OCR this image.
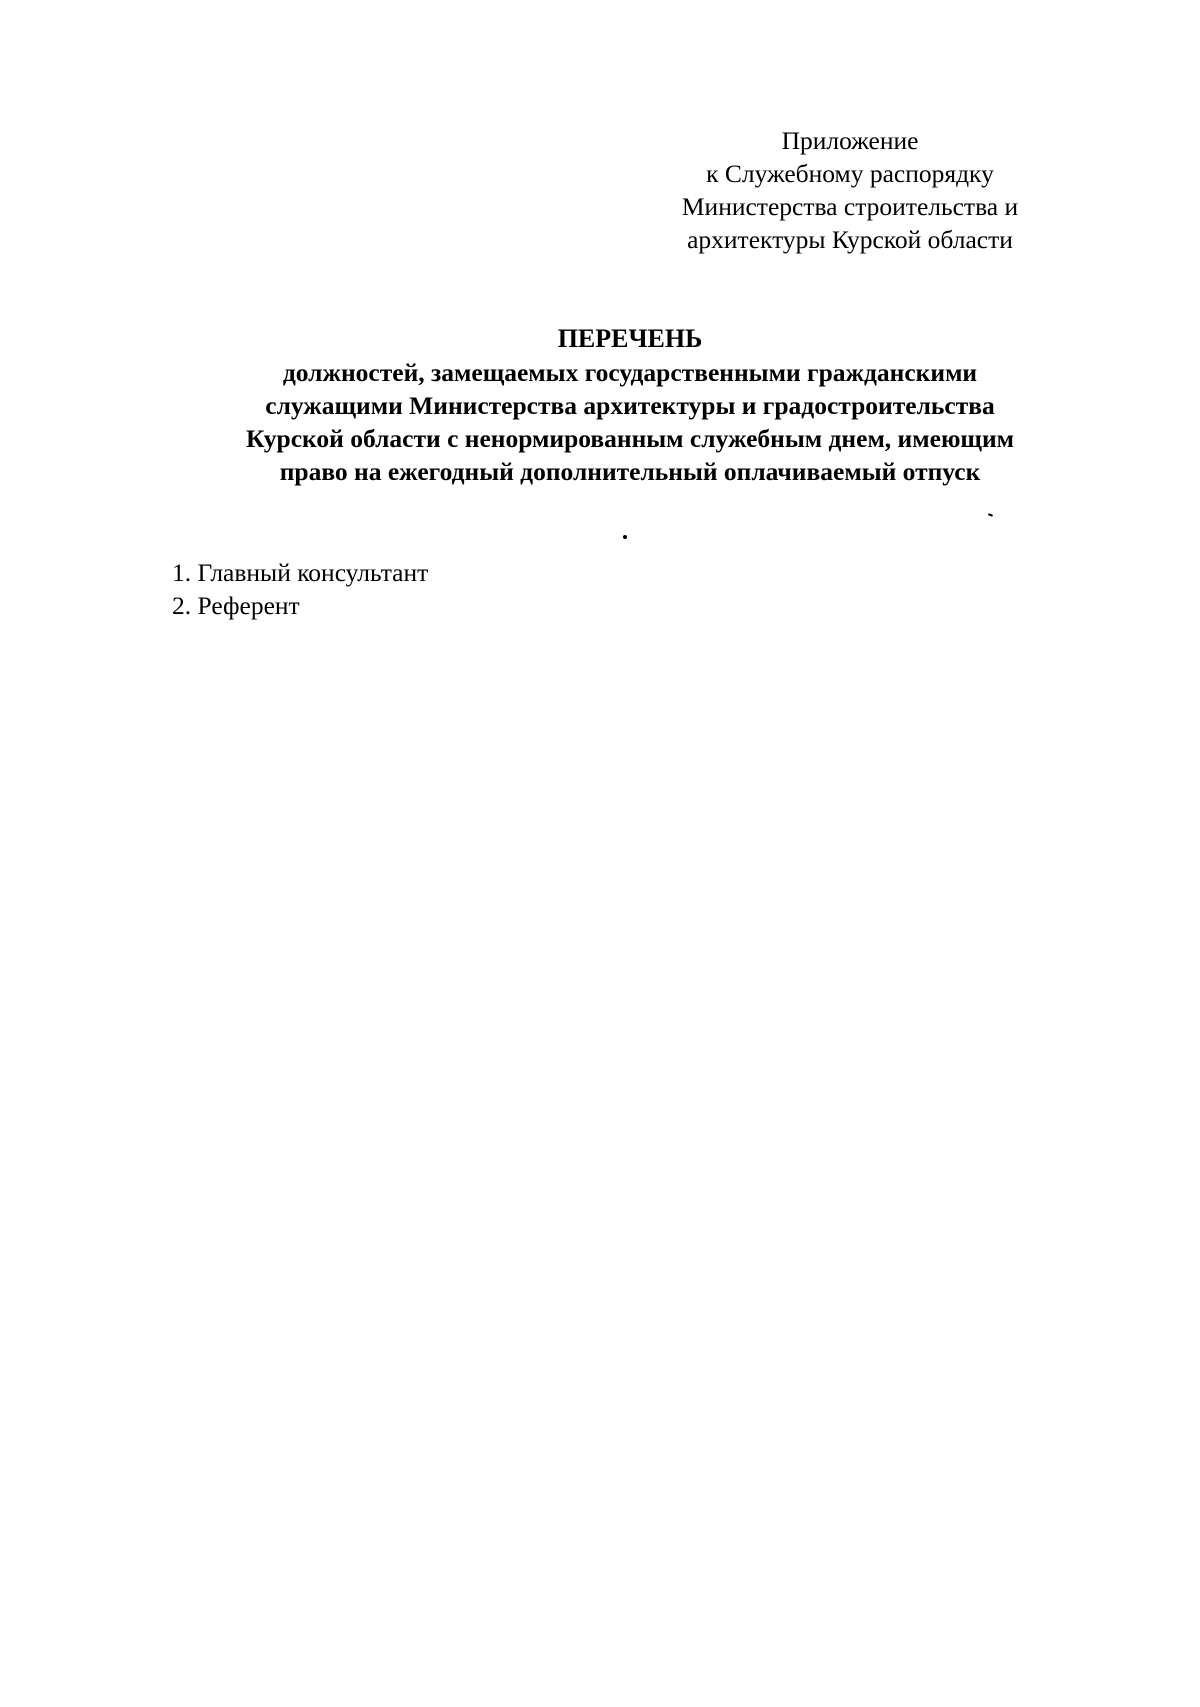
Приложение
к Служебному распорядку
Министерства строительства и
архитектуры Курской области
ПЕРЕЧЕНЬ
должностей, замещаемых государственными гражданскими
служащими Министерства архитектуры и градостроительства
Курской области с ненормированным служебным днем, имеющим
право на ежегодный дополнительный оплачиваемый отпуск
1. Главный консультант
2. Референт
